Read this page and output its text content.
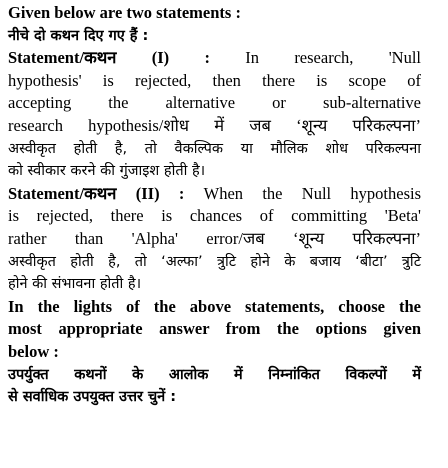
Given below are two statements :
नीचे दो कथन दिए गए हैं :
Statement/कथन (I) : In research, 'Null
hypothesis' is rejected, then there is scope of
accepting the alternative or sub-alternative
research hypothesis/शोध में जब ‘शून्य परिकल्पना’
अस्वीकृत होती है, तो वैकल्पिक या मौलिक शोध परिकल्पना
को स्वीकार करने की गुंजाइश होती है।
Statement/कथन (II) : When the Null hypothesis
is rejected, there is chances of committing 'Beta'
rather than 'Alpha' error/जब ‘शून्य परिकल्पना’
अस्वीकृत होती है, तो ‘अल्फा’ त्रुटि होने के बजाय ‘बीटा’ त्रुटि
होने की संभावना होती है।
In the lights of the above statements, choose the
most appropriate answer from the options given
below :
उपर्युक्त कथनों के आलोक में निम्नांकित विकल्पों में
से सर्वाधिक उपयुक्त उत्तर चुनें :
